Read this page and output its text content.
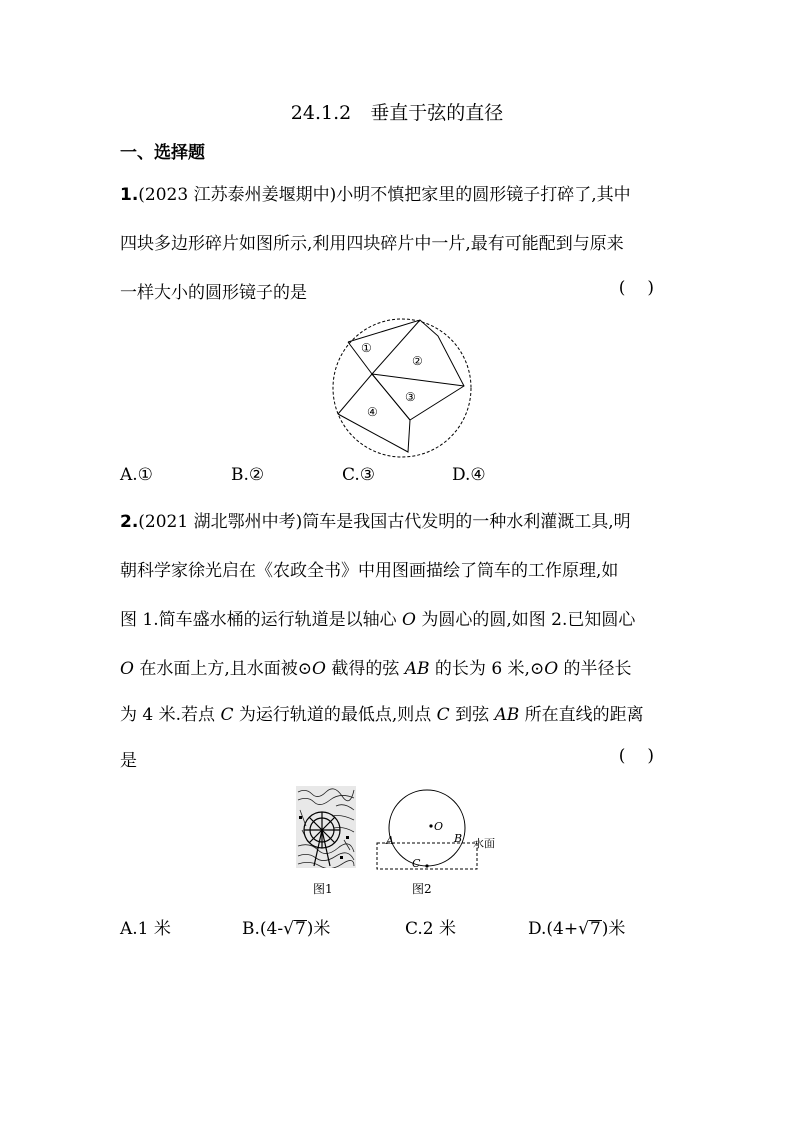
24.1.2　垂直于弦的直径
一、选择题
1.(2023 江苏泰州姜堰期中)小明不慎把家里的圆形镜子打碎了,其中
四块多边形碎片如图所示,利用四块碎片中一片,最有可能配到与原来
一样大小的圆形镜子的是	()
①
②
③
④
A.①	B.②	C.③	D.④
2.(2021 湖北鄂州中考)筒车是我国古代发明的一种水利灌溉工具,明
朝科学家徐光启在《农政全书》中用图画描绘了筒车的工作原理,如
图 1.简车盛水桶的运行轨道是以轴心 O 为圆心的圆,如图 2.已知圆心
O 在水面上方,且水面被⊙O 截得的弦 AB 的长为 6 米,⊙O 的半径长
为 4 米.若点 C 为运行轨道的最低点,则点 C 到弦 AB 所在直线的距离
是	()
图1
O
A	B
C
水面
图2
A.1 米	B.(4-√7)米	C.2 米	D.(4+√7)米
